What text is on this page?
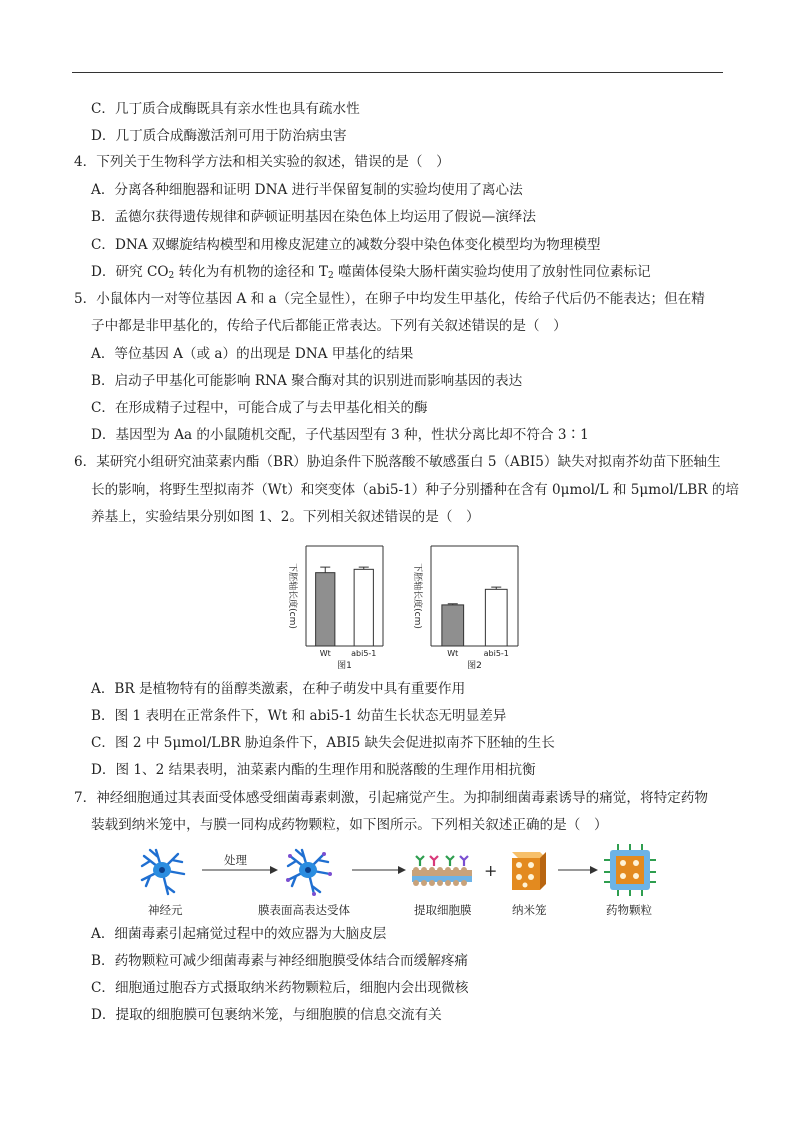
C．几丁质合成酶既具有亲水性也具有疏水性
D．几丁质合成酶激活剂可用于防治病虫害
4．下列关于生物科学方法和相关实验的叙述，错误的是（　）
A．分离各种细胞器和证明 DNA 进行半保留复制的实验均使用了离心法
B．孟德尔获得遗传规律和萨顿证明基因在染色体上均运用了假说—演绎法
C．DNA 双螺旋结构模型和用橡皮泥建立的减数分裂中染色体变化模型均为物理模型
D．研究 $CO_2$ 转化为有机物的途径和 $T_2$ 噬菌体侵染大肠杆菌实验均使用了放射性同位素标记
5．小鼠体内一对等位基因 A 和 a（完全显性），在卵子中均发生甲基化，传给子代后仍不能表达；但在精
子中都是非甲基化的，传给子代后都能正常表达。下列有关叙述错误的是（　）
A．等位基因 A（或 a）的出现是 DNA 甲基化的结果
B．启动子甲基化可能影响 RNA 聚合酶对其的识别进而影响基因的表达
C．在形成精子过程中，可能合成了与去甲基化相关的酶
D．基因型为 Aa 的小鼠随机交配，子代基因型有 3 种，性状分离比却不符合 3∶1
6．某研究小组研究油菜素内酯（BR）胁迫条件下脱落酸不敏感蛋白 5（ABI5）缺失对拟南芥幼苗下胚轴生
长的影响，将野生型拟南芥（Wt）和突变体（abi5-1）种子分别播种在含有 0μmol/L 和 5μmol/LBR 的培
养基上，实验结果分别如图 1、2。下列相关叙述错误的是（　）
下胚轴长度(cm)
Wt	abi5-1
图1
下胚轴长度(cm)
Wt	abi5-1
图2
A．BR 是植物特有的甾醇类激素，在种子萌发中具有重要作用
B．图 1 表明在正常条件下，Wt 和 abi5-1 幼苗生长状态无明显差异
C．图 2 中 5μmol/LBR 胁迫条件下，ABI5 缺失会促进拟南芥下胚轴的生长
D．图 1、2 结果表明，油菜素内酯的生理作用和脱落酸的生理作用相抗衡
7．神经细胞通过其表面受体感受细菌毒素刺激，引起痛觉产生。为抑制细菌毒素诱导的痛觉，将特定药物
装载到纳米笼中，与膜一同构成药物颗粒，如下图所示。下列相关叙述正确的是（　）
处理
+
神经元	膜表面高表达受体	提取细胞膜	纳米笼	药物颗粒
A．细菌毒素引起痛觉过程中的效应器为大脑皮层
B．药物颗粒可减少细菌毒素与神经细胞膜受体结合而缓解疼痛
C．细胞通过胞吞方式摄取纳米药物颗粒后，细胞内会出现微核
D．提取的细胞膜可包裹纳米笼，与细胞膜的信息交流有关
